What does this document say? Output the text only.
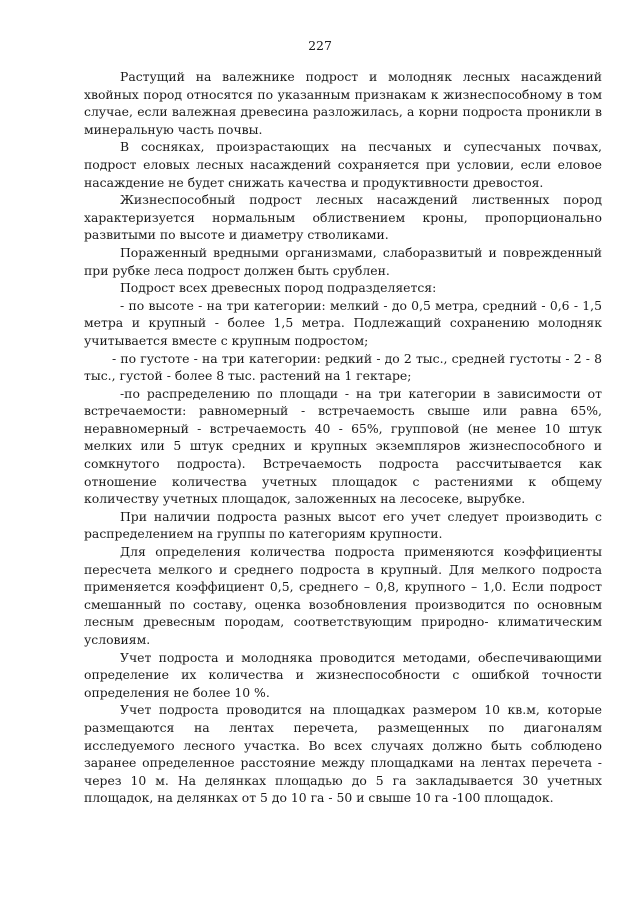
227

Растущий на валежнике подрост и молодняк лесных насаждений хвойных пород относятся по указанным признакам к жизнеспособному в том случае, если валежная древесина разложилась, а корни подроста проникли в минеральную часть почвы.

В сосняках, произрастающих на песчаных и супесчаных почвах, подрост еловых лесных насаждений сохраняется при условии, если еловое насаждение не будет снижать качества и продуктивности древостоя.

Жизнеспособный подрост лесных насаждений лиственных пород характеризуется нормальным облиствением кроны, пропорционально развитыми по высоте и диаметру стволиками.

Пораженный вредными организмами, слаборазвитый и поврежденный при рубке леса подрост должен быть срублен.

Подрост всех древесных пород подразделяется:

- по высоте - на три категории: мелкий - до 0,5 метра, средний - 0,6 - 1,5 метра и крупный - более 1,5 метра. Подлежащий сохранению молодняк учитывается вместе с крупным подростом;

- по густоте - на три категории: редкий - до 2 тыс., средней густоты - 2 - 8 тыс., густой - более 8 тыс. растений на 1 гектаре;

-по распределению по площади - на три категории в зависимости от встречаемости: равномерный - встречаемость свыше или равна 65%, неравномерный - встречаемость 40 - 65%, групповой (не менее 10 штук мелких или 5 штук средних и крупных экземпляров жизнеспособного и сомкнутого подроста). Встречаемость подроста рассчитывается как отношение количества учетных площадок с растениями к общему количеству учетных площадок, заложенных на лесосеке, вырубке.

При наличии подроста разных высот его учет следует производить с распределением на группы по категориям крупности.

Для определения количества подроста применяются коэффициенты пересчета мелкого и среднего подроста в крупный. Для мелкого подроста применяется коэффициент 0,5, среднего – 0,8, крупного – 1,0. Если подрост смешанный по составу, оценка возобновления производится по основным лесным древесным породам, соответствующим природно- климатическим условиям.

Учет подроста и молодняка проводится методами, обеспечивающими определение их количества и жизнеспособности с ошибкой точности определения не более 10 %.

Учет подроста проводится на площадках размером 10 кв.м, которые размещаются на лентах перечета, размещенных по диагоналям исследуемого лесного участка. Во всех случаях должно быть соблюдено заранее определенное расстояние между площадками на лентах перечета - через 10 м. На делянках площадью до 5 га закладывается 30 учетных площадок, на делянках от 5 до 10 га - 50 и свыше 10 га -100 площадок.
